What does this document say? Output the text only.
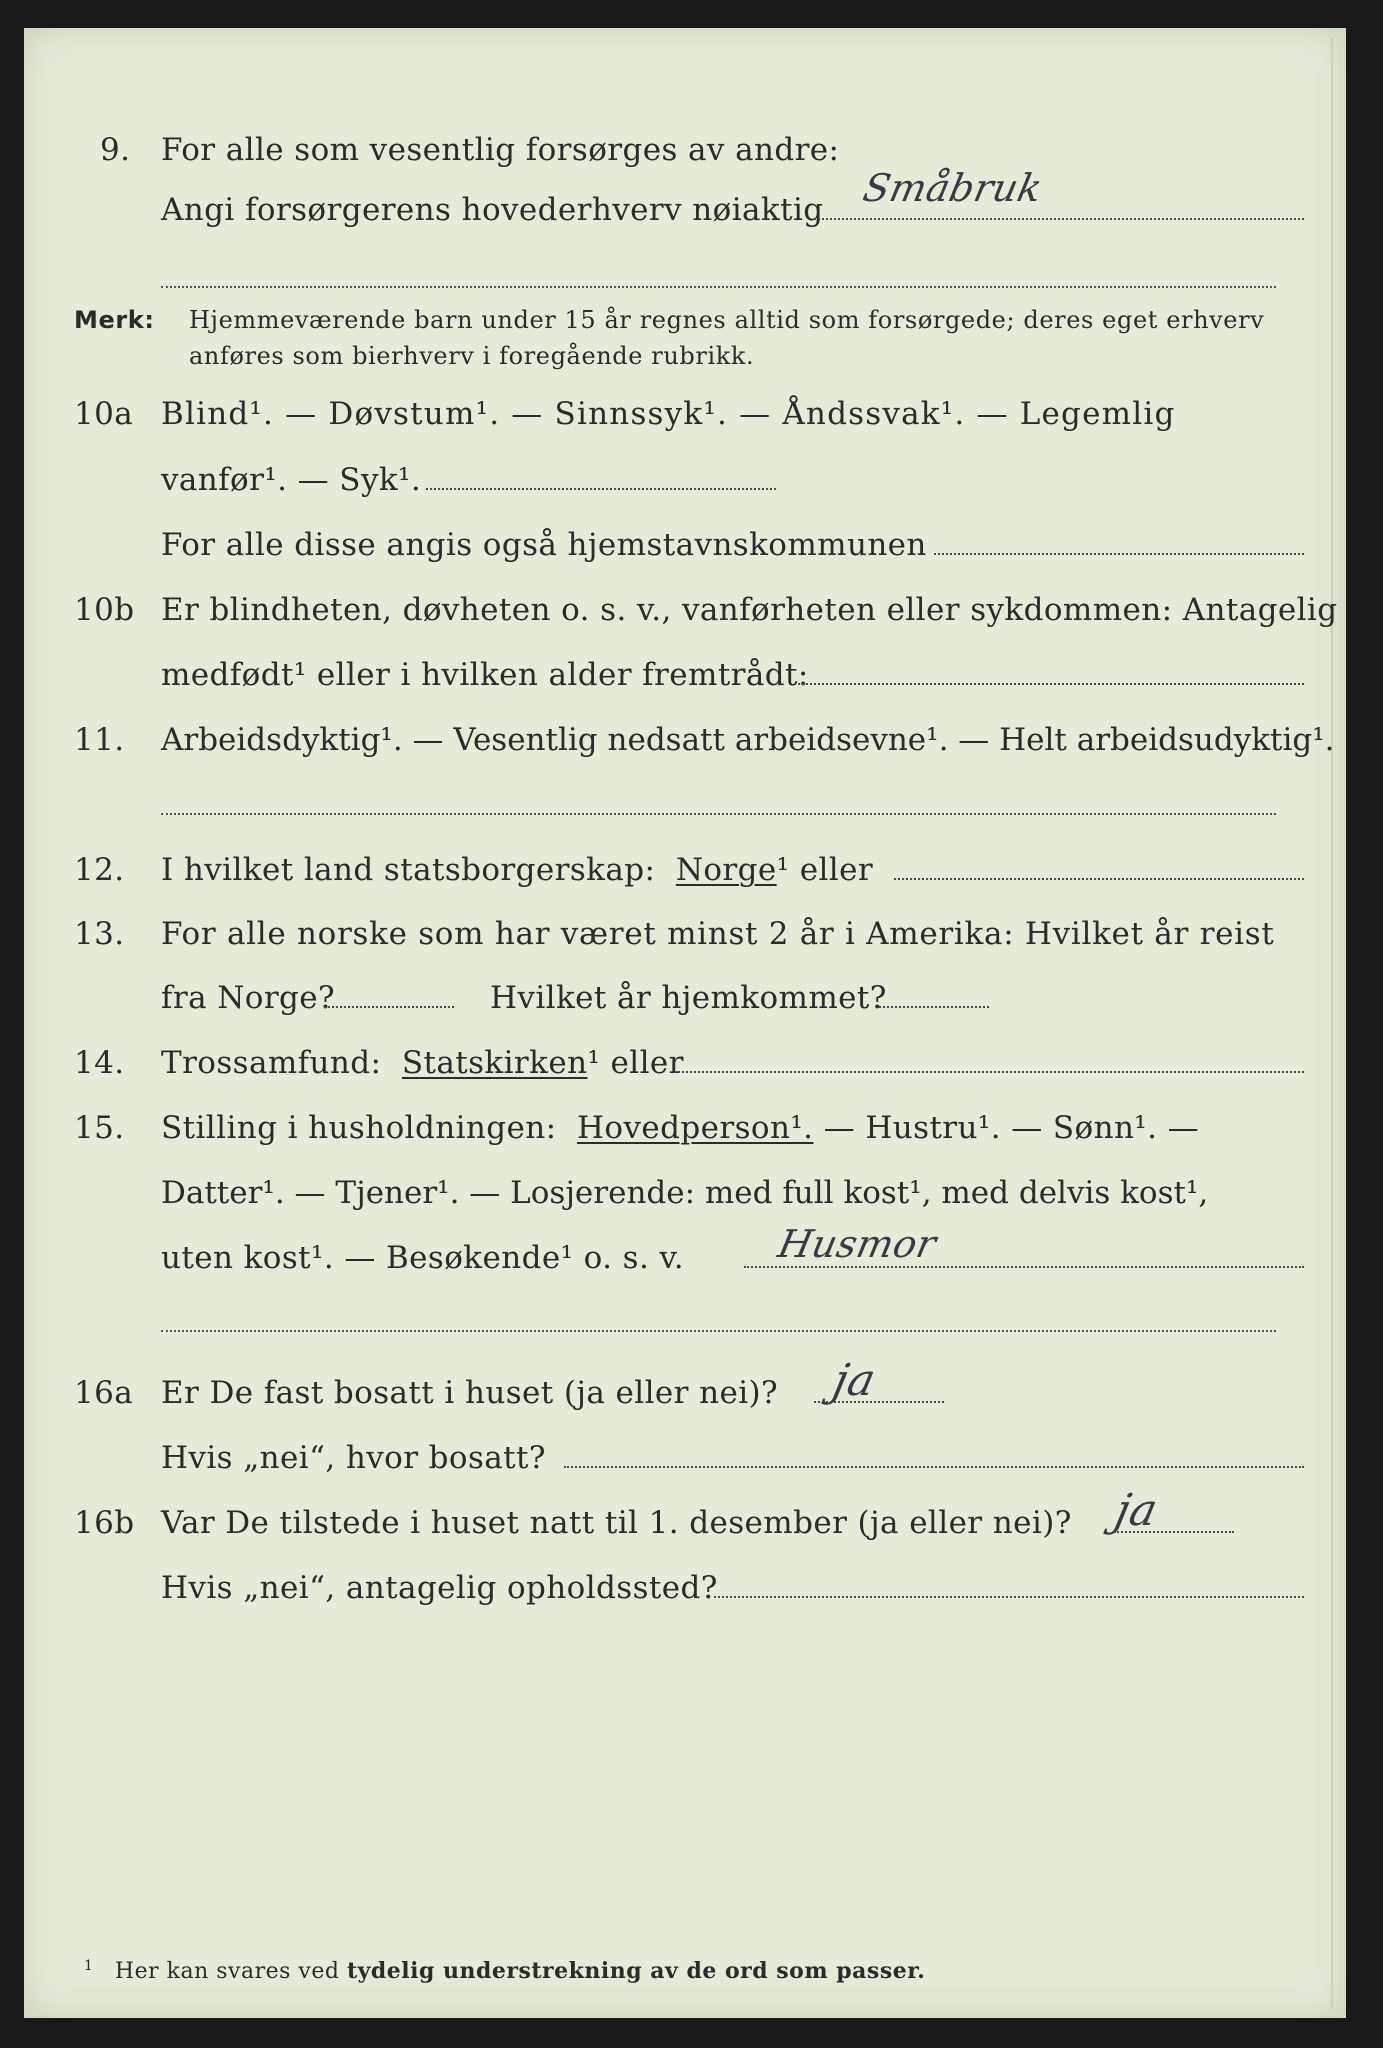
9. For alle som vesentlig forsørges av andre:
Angi forsørgerens hovederhverv nøiaktig Småbruk
Merk: Hjemmeværende barn under 15 år regnes alltid som forsørgede; deres eget erhverv
anføres som bierhverv i foregående rubrikk.
10a Blind¹. — Døvstum¹. — Sinnssyk¹. — Åndssvak¹. — Legemlig
vanfør¹. — Syk¹.
For alle disse angis også hjemstavnskommunen
10b Er blindheten, døvheten o. s. v., vanførheten eller sykdommen: Antagelig
medfødt¹ eller i hvilken alder fremtrådt:
11. Arbeidsdyktig¹. — Vesentlig nedsatt arbeidsevne¹. — Helt arbeidsudyktig¹.
12. I hvilket land statsborgerskap: Norge¹ eller
13. For alle norske som har været minst 2 år i Amerika: Hvilket år reist
fra Norge?	Hvilket år hjemkommet?
14. Trossamfund: Statskirken¹ eller
15. Stilling i husholdningen: Hovedperson¹. — Hustru¹. — Sønn¹. —
Datter¹. — Tjener¹. — Losjerende: med full kost¹, med delvis kost¹,
uten kost¹. — Besøkende¹ o. s. v. Husmor
16a Er De fast bosatt i huset (ja eller nei)? ja
Hvis „nei“, hvor bosatt?
16b Var De tilstede i huset natt til 1. desember (ja eller nei)? ja
Hvis „nei“, antagelig opholdssted?
$^1$ Her kan svares ved tydelig understrekning av de ord som passer.
